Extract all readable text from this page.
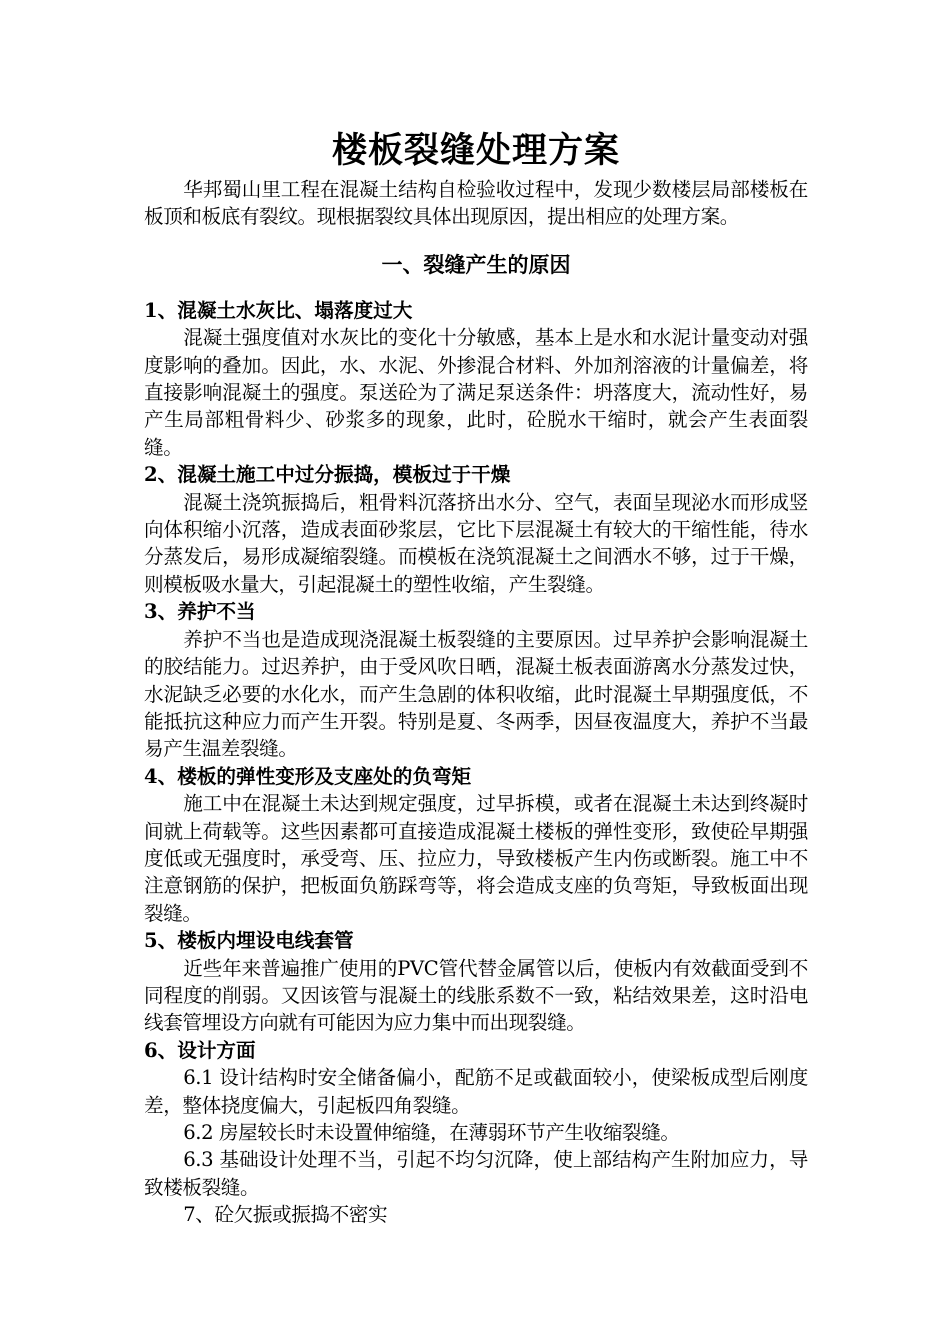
楼板裂缝处理方案

华邦蜀山里工程在混凝土结构自检验收过程中，发现少数楼层局部楼板在板顶和板底有裂纹。现根据裂纹具体出现原因，提出相应的处理方案。

一、裂缝产生的原因

1、混凝土水灰比、塌落度过大

混凝土强度值对水灰比的变化十分敏感，基本上是水和水泥计量变动对强度影响的叠加。因此，水、水泥、外掺混合材料、外加剂溶液的计量偏差，将直接影响混凝土的强度。泵送砼为了满足泵送条件：坍落度大，流动性好，易产生局部粗骨料少、砂浆多的现象，此时，砼脱水干缩时，就会产生表面裂缝。

2、混凝土施工中过分振捣，模板过于干燥

混凝土浇筑振捣后，粗骨料沉落挤出水分、空气，表面呈现泌水而形成竖向体积缩小沉落，造成表面砂浆层，它比下层混凝土有较大的干缩性能，待水分蒸发后，易形成凝缩裂缝。而模板在浇筑混凝土之间洒水不够，过于干燥，则模板吸水量大，引起混凝土的塑性收缩，产生裂缝。

3、养护不当

养护不当也是造成现浇混凝土板裂缝的主要原因。过早养护会影响混凝土的胶结能力。过迟养护，由于受风吹日晒，混凝土板表面游离水分蒸发过快，水泥缺乏必要的水化水，而产生急剧的体积收缩，此时混凝土早期强度低，不能抵抗这种应力而产生开裂。特别是夏、冬两季，因昼夜温度大，养护不当最易产生温差裂缝。

4、楼板的弹性变形及支座处的负弯矩

施工中在混凝土未达到规定强度，过早拆模，或者在混凝土未达到终凝时间就上荷载等。这些因素都可直接造成混凝土楼板的弹性变形，致使砼早期强度低或无强度时，承受弯、压、拉应力，导致楼板产生内伤或断裂。施工中不注意钢筋的保护，把板面负筋踩弯等，将会造成支座的负弯矩，导致板面出现裂缝。

5、楼板内埋设电线套管

近些年来普遍推广使用的PVC管代替金属管以后，使板内有效截面受到不同程度的削弱。又因该管与混凝土的线胀系数不一致，粘结效果差，这时沿电线套管埋设方向就有可能因为应力集中而出现裂缝。

6、设计方面

6.1 设计结构时安全储备偏小，配筋不足或截面较小，使梁板成型后刚度差，整体挠度偏大，引起板四角裂缝。

6.2 房屋较长时未设置伸缩缝，在薄弱环节产生收缩裂缝。

6.3 基础设计处理不当，引起不均匀沉降，使上部结构产生附加应力，导致楼板裂缝。

7、砼欠振或振捣不密实
